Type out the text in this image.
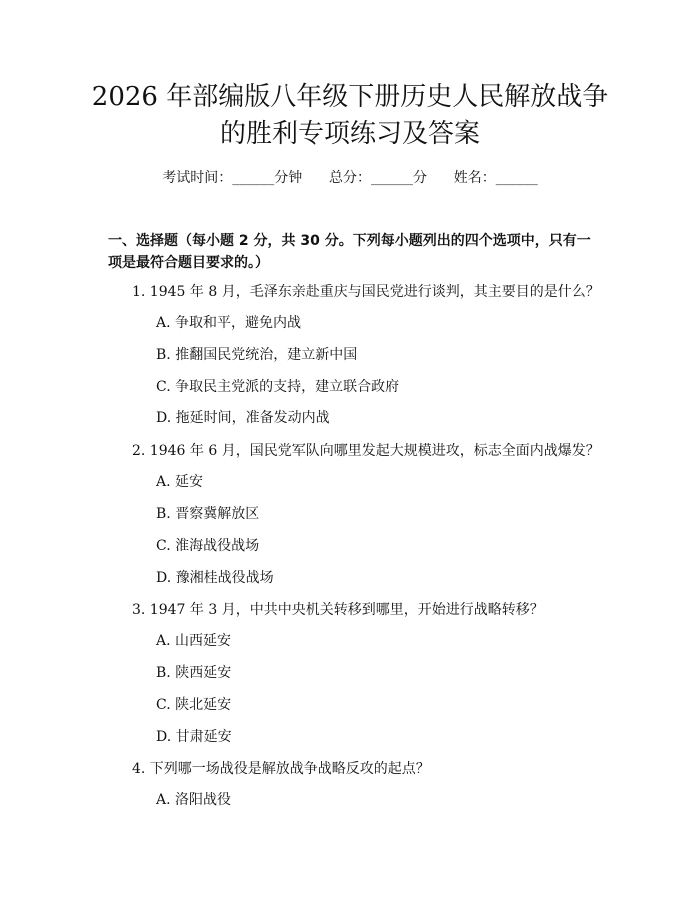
2026 年部编版八年级下册历史人民解放战争
的胜利专项练习及答案
考试时间：______分钟      总分：______分      姓名：______
一、选择题（每小题 2 分，共 30 分。下列每小题列出的四个选项中，只有一项是最符合题目要求的。）
1. 1945 年 8 月，毛泽东亲赴重庆与国民党进行谈判，其主要目的是什么？
A. 争取和平，避免内战
B. 推翻国民党统治，建立新中国
C. 争取民主党派的支持，建立联合政府
D. 拖延时间，准备发动内战
2. 1946 年 6 月，国民党军队向哪里发起大规模进攻，标志全面内战爆发？
A. 延安
B. 晋察冀解放区
C. 淮海战役战场
D. 豫湘桂战役战场
3. 1947 年 3 月，中共中央机关转移到哪里，开始进行战略转移？
A. 山西延安
B. 陕西延安
C. 陕北延安
D. 甘肃延安
4. 下列哪一场战役是解放战争战略反攻的起点？
A. 洛阳战役
